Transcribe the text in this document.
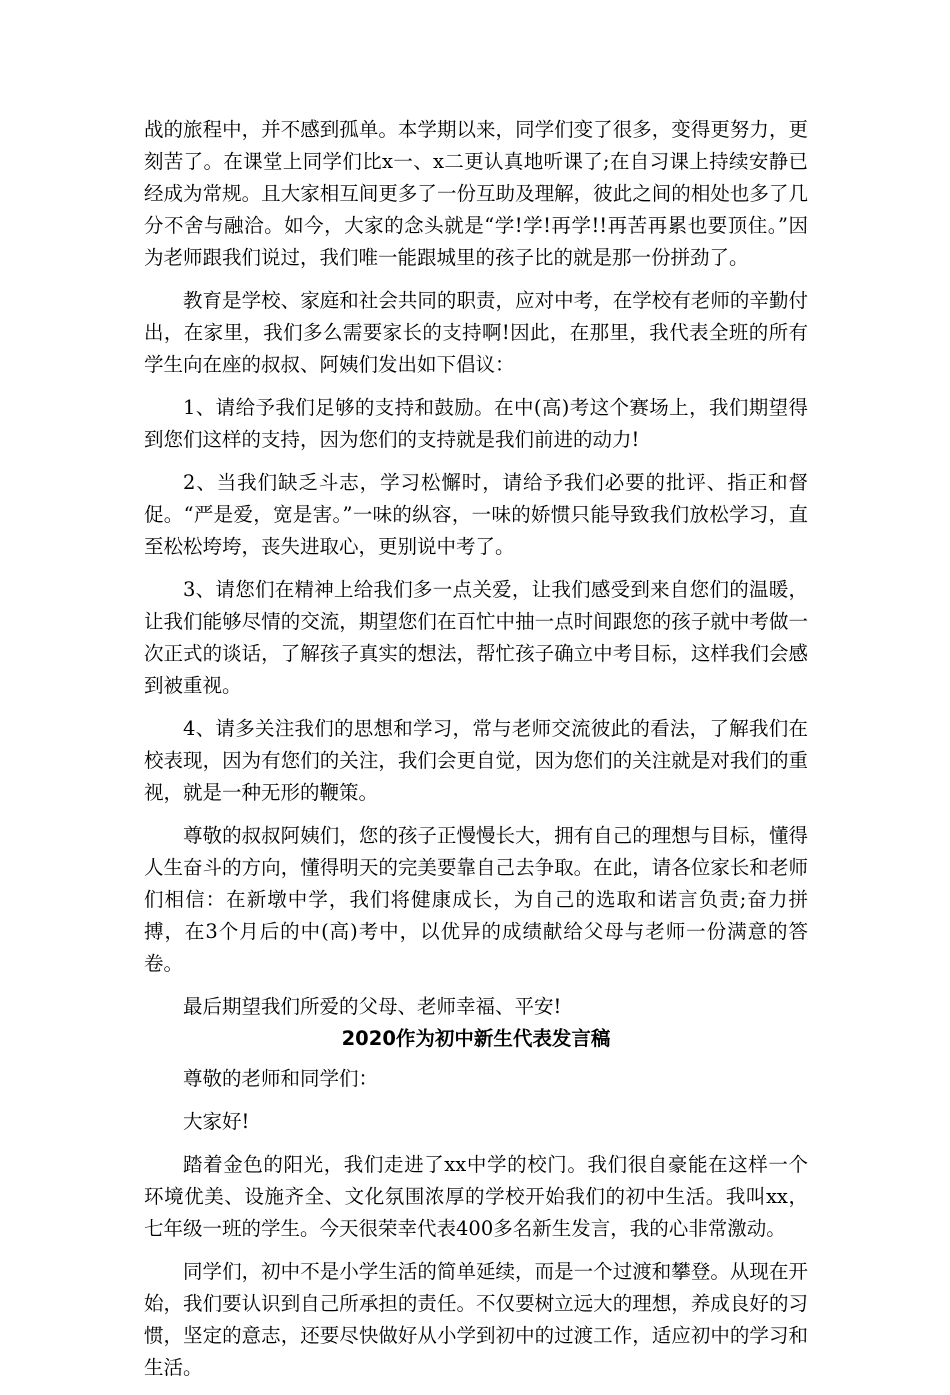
战的旅程中，并不感到孤单。本学期以来，同学们变了很多，变得更努力，更刻苦了。在课堂上同学们比x一、x二更认真地听课了;在自习课上持续安静已经成为常规。且大家相互间更多了一份互助及理解，彼此之间的相处也多了几分不舍与融洽。如今，大家的念头就是“学!学!再学!!再苦再累也要顶住。”因为老师跟我们说过，我们唯一能跟城里的孩子比的就是那一份拼劲了。

教育是学校、家庭和社会共同的职责，应对中考，在学校有老师的辛勤付出，在家里，我们多么需要家长的支持啊!因此，在那里，我代表全班的所有学生向在座的叔叔、阿姨们发出如下倡议：

1、请给予我们足够的支持和鼓励。在中(高)考这个赛场上，我们期望得到您们这样的支持，因为您们的支持就是我们前进的动力!

2、当我们缺乏斗志，学习松懈时，请给予我们必要的批评、指正和督促。“严是爱，宽是害。”一味的纵容，一味的娇惯只能导致我们放松学习，直至松松垮垮，丧失进取心，更别说中考了。

3、请您们在精神上给我们多一点关爱，让我们感受到来自您们的温暖，让我们能够尽情的交流，期望您们在百忙中抽一点时间跟您的孩子就中考做一次正式的谈话，了解孩子真实的想法，帮忙孩子确立中考目标，这样我们会感到被重视。

4、请多关注我们的思想和学习，常与老师交流彼此的看法，了解我们在校表现，因为有您们的关注，我们会更自觉，因为您们的关注就是对我们的重视，就是一种无形的鞭策。

尊敬的叔叔阿姨们，您的孩子正慢慢长大，拥有自己的理想与目标，懂得人生奋斗的方向，懂得明天的完美要靠自己去争取。在此，请各位家长和老师们相信：在新墩中学，我们将健康成长，为自己的选取和诺言负责;奋力拼搏，在3个月后的中(高)考中，以优异的成绩献给父母与老师一份满意的答卷。

最后期望我们所爱的父母、老师幸福、平安!

2020作为初中新生代表发言稿

尊敬的老师和同学们：

大家好!

踏着金色的阳光，我们走进了xx中学的校门。我们很自豪能在这样一个环境优美、设施齐全、文化氛围浓厚的学校开始我们的初中生活。我叫xx，七年级一班的学生。今天很荣幸代表400多名新生发言，我的心非常激动。

同学们，初中不是小学生活的简单延续，而是一个过渡和攀登。从现在开始，我们要认识到自己所承担的责任。不仅要树立远大的理想，养成良好的习惯，坚定的意志，还要尽快做好从小学到初中的过渡工作，适应初中的学习和生活。
